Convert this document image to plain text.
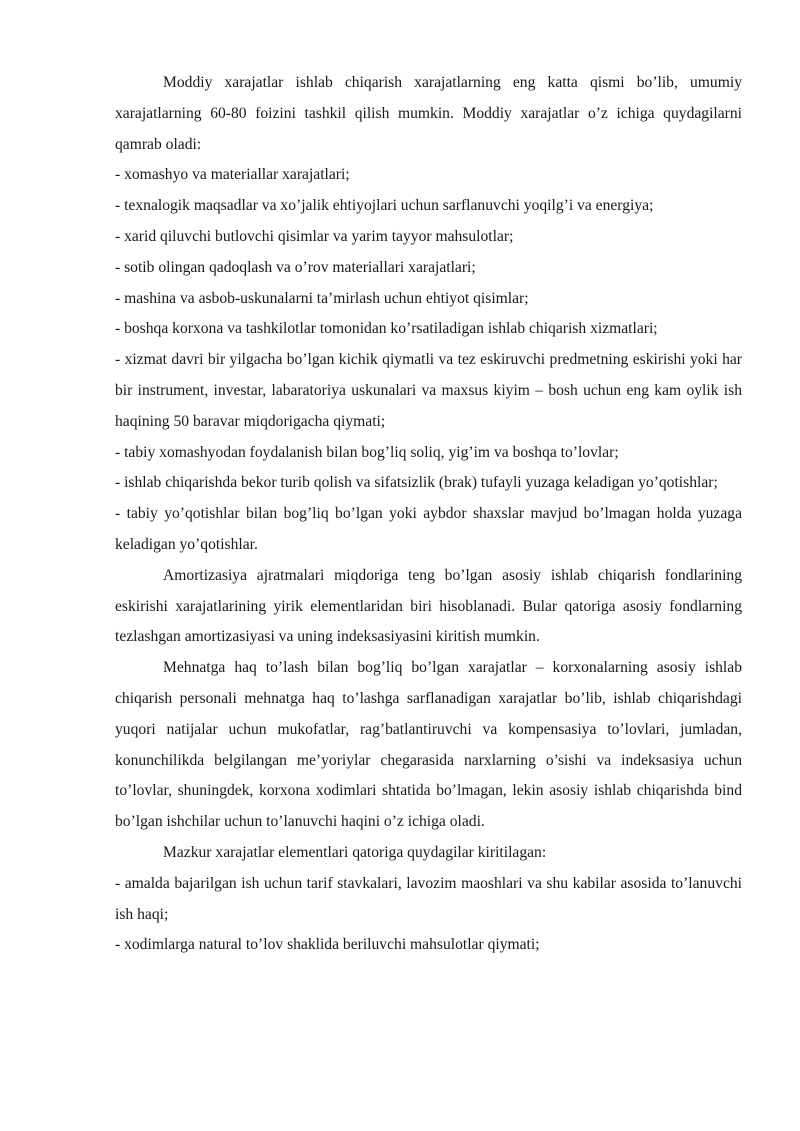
Moddiy xarajatlar ishlab chiqarish xarajatlarning eng katta qismi bo’lib, umumiy xarajatlarning 60-80 foizini tashkil qilish mumkin. Moddiy xarajatlar o’z ichiga quydagilarni qamrab oladi:

- xomashyo va materiallar xarajatlari;

- texnalogik maqsadlar va xo’jalik ehtiyojlari uchun sarflanuvchi yoqilg’i va energiya;

- xarid qiluvchi butlovchi qisimlar va yarim tayyor mahsulotlar;

- sotib olingan qadoqlash va o’rov materiallari xarajatlari;

- mashina va asbob-uskunalarni ta’mirlash uchun ehtiyot qisimlar;

- boshqa korxona va tashkilotlar tomonidan ko’rsatiladigan ishlab chiqarish xizmatlari;

- xizmat davri bir yilgacha bo’lgan kichik qiymatli va tez eskiruvchi predmetning eskirishi yoki har bir instrument, investar, labaratoriya uskunalari va maxsus kiyim – bosh uchun eng kam oylik ish haqining 50 baravar miqdorigacha qiymati;

- tabiy xomashyodan foydalanish bilan bog’liq soliq, yig’im va boshqa to’lovlar;

- ishlab chiqarishda bekor turib qolish va sifatsizlik (brak) tufayli yuzaga keladigan yo’qotishlar;

- tabiy yo’qotishlar bilan bog’liq bo’lgan yoki aybdor shaxslar mavjud bo’lmagan holda yuzaga keladigan yo’qotishlar.

Amortizasiya ajratmalari miqdoriga teng bo’lgan asosiy ishlab chiqarish fondlarining eskirishi xarajatlarining yirik elementlaridan biri hisoblanadi. Bular qatoriga asosiy fondlarning tezlashgan amortizasiyasi va uning indeksasiyasini kiritish mumkin.

Mehnatga haq to’lash bilan bog’liq bo’lgan xarajatlar – korxonalarning asosiy ishlab chiqarish personali mehnatga haq to’lashga sarflanadigan xarajatlar bo’lib, ishlab chiqarishdagi yuqori natijalar uchun mukofatlar, rag’batlantiruvchi va kompensasiya to’lovlari, jumladan, konunchilikda belgilangan me’yoriylar chegarasida narxlarning o’sishi va indeksasiya uchun to’lovlar, shuningdek, korxona xodimlari shtatida bo’lmagan, lekin asosiy ishlab chiqarishda bind bo’lgan ishchilar uchun to’lanuvchi haqini o’z ichiga oladi.

Mazkur xarajatlar elementlari qatoriga quydagilar kiritilagan:

- amalda bajarilgan ish uchun tarif stavkalari, lavozim maoshlari va shu kabilar asosida to’lanuvchi ish haqi;

- xodimlarga natural to’lov shaklida beriluvchi mahsulotlar qiymati;
